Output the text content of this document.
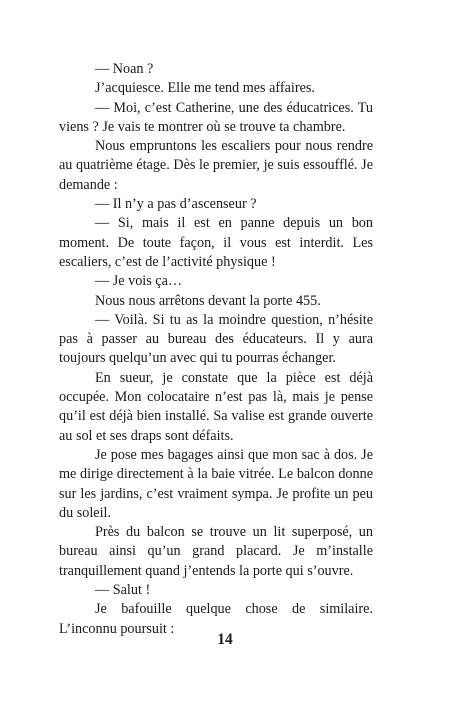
— Noan ?

J’acquiesce. Elle me tend mes affaires.

— Moi, c’est Catherine, une des éducatrices. Tu viens ? Je vais te montrer où se trouve ta chambre.

Nous empruntons les escaliers pour nous rendre au quatrième étage. Dès le premier, je suis essoufflé. Je demande :

— Il n’y a pas d’ascenseur ?

— Si, mais il est en panne depuis un bon moment. De toute façon, il vous est interdit. Les escaliers, c’est de l’activité physique !

— Je vois ça…

Nous nous arrêtons devant la porte 455.

— Voilà. Si tu as la moindre question, n’hésite pas à passer au bureau des éducateurs. Il y aura toujours quelqu’un avec qui tu pourras échanger.

En sueur, je constate que la pièce est déjà occupée. Mon colocataire n’est pas là, mais je pense qu’il est déjà bien installé. Sa valise est grande ouverte au sol et ses draps sont défaits.

Je pose mes bagages ainsi que mon sac à dos. Je me dirige directement à la baie vitrée. Le balcon donne sur les jardins, c’est vraiment sympa. Je profite un peu du soleil.

Près du balcon se trouve un lit superposé, un bureau ainsi qu’un grand placard. Je m’installe tranquillement quand j’entends la porte qui s’ouvre.

— Salut !

Je bafouille quelque chose de similaire. L’inconnu poursuit :

14
